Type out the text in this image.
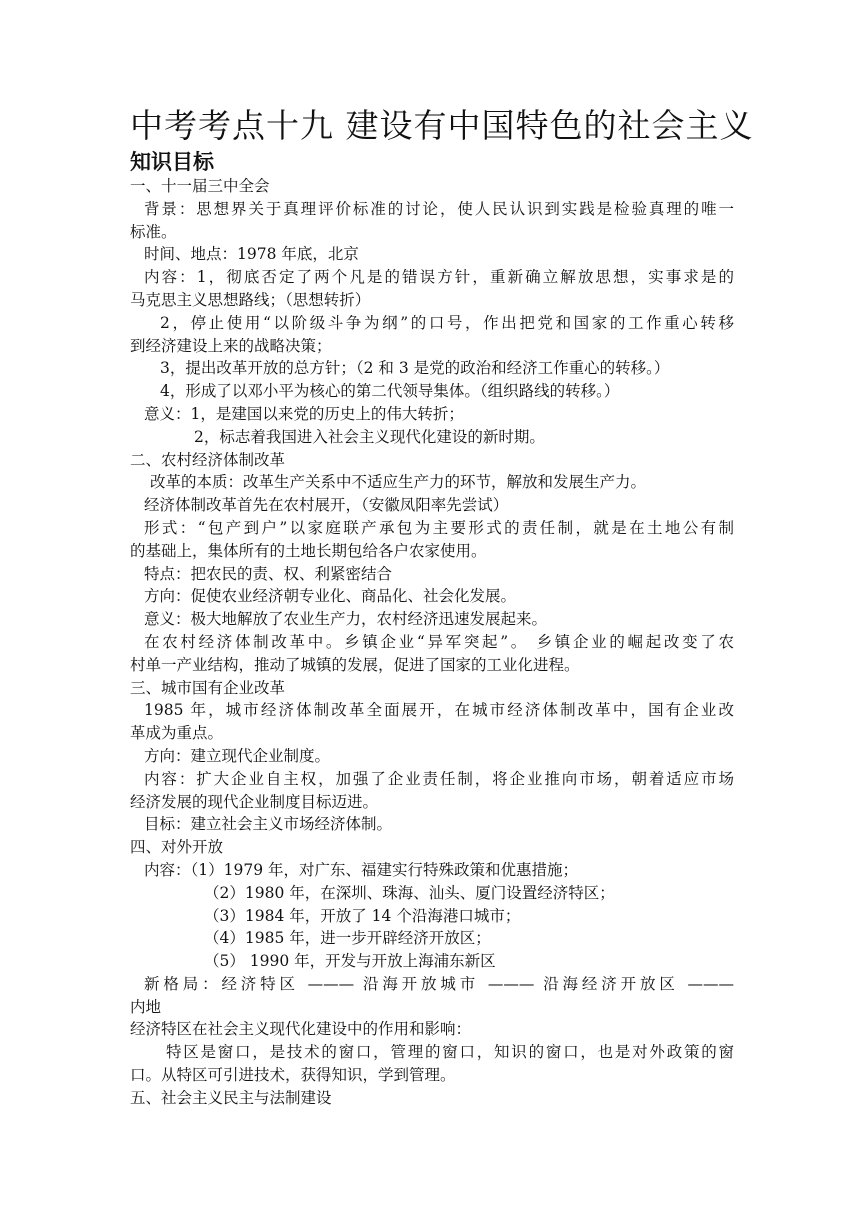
中考考点十九 建设有中国特色的社会主义
知识目标
一、十一届三中全会
背景：思想界关于真理评价标准的讨论，使人民认识到实践是检验真理的唯一
标准。
时间、地点：1978 年底，北京
内容：1，彻底否定了两个凡是的错误方针，重新确立解放思想，实事求是的
马克思主义思想路线；（思想转折）
2，停止使用“以阶级斗争为纲”的口号，作出把党和国家的工作重心转移
到经济建设上来的战略决策；
3，提出改革开放的总方针；（2 和 3 是党的政治和经济工作重心的转移。）
4，形成了以邓小平为核心的第二代领导集体。（组织路线的转移。）
意义：1，是建国以来党的历史上的伟大转折；
2，标志着我国进入社会主义现代化建设的新时期。
二、农村经济体制改革
改革的本质：改革生产关系中不适应生产力的环节，解放和发展生产力。
经济体制改革首先在农村展开，（安徽凤阳率先尝试）
形式：“包产到户”以家庭联产承包为主要形式的责任制，就是在土地公有制
的基础上，集体所有的土地长期包给各户农家使用。
特点：把农民的责、权、利紧密结合
方向：促使农业经济朝专业化、商品化、社会化发展。
意义：极大地解放了农业生产力，农村经济迅速发展起来。
在农村经济体制改革中。乡镇企业“异军突起”。 乡镇企业的崛起改变了农
村单一产业结构，推动了城镇的发展，促进了国家的工业化进程。
三、城市国有企业改革
1985 年，城市经济体制改革全面展开，在城市经济体制改革中，国有企业改
革成为重点。
方向：建立现代企业制度。
内容：扩大企业自主权，加强了企业责任制，将企业推向市场，朝着适应市场
经济发展的现代企业制度目标迈进。
目标：建立社会主义市场经济体制。
四、对外开放
内容：（1）1979 年，对广东、福建实行特殊政策和优惠措施；
（2）1980 年，在深圳、珠海、汕头、厦门设置经济特区；
（3）1984 年，开放了 14 个沿海港口城市；
（4）1985 年，进一步开辟经济开放区；
（5） 1990 年，开发与开放上海浦东新区
新格局：经济特区 ——— 沿海开放城市 ——— 沿海经济开放区 ———
内地
经济特区在社会主义现代化建设中的作用和影响：
特区是窗口，是技术的窗口，管理的窗口，知识的窗口，也是对外政策的窗
口。从特区可引进技术，获得知识，学到管理。
五、社会主义民主与法制建设
